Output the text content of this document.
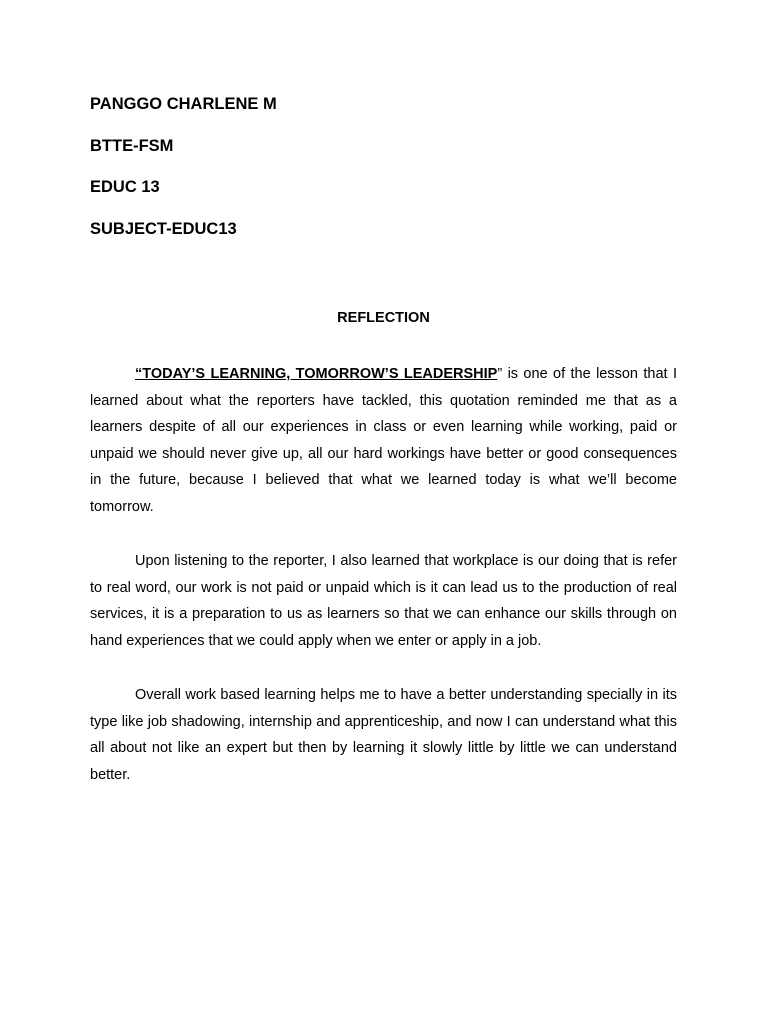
PANGGO CHARLENE M
BTTE-FSM
EDUC 13
SUBJECT-EDUC13
REFLECTION

“TODAY’S LEARNING, TOMORROW’S LEADERSHIP” is one of the lesson that I learned about what the reporters have tackled, this quotation reminded me that as a learners despite of all our experiences in class or even learning while working, paid or unpaid we should never give up, all our hard workings have better or good consequences in the future, because I believed that what we learned today is what we’ll become tomorrow.

Upon listening to the reporter, I also learned that workplace is our doing that is refer to real word, our work is not paid or unpaid which is it can lead us to the production of real services, it is a preparation to us as learners so that we can enhance our skills through on hand experiences that we could apply when we enter or apply in a job.

Overall work based learning helps me to have a better understanding specially in its type like job shadowing, internship and apprenticeship, and now I can understand what this all about not like an expert but then by learning it slowly little by little we can understand better.
